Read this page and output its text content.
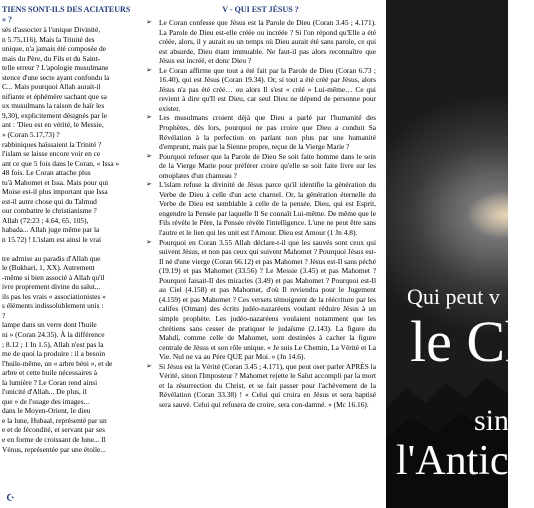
TIENS SONT-ILS DES ACIATEURS » ?
sés d'associer à l'unique Divinité,
n 5.75,116). Mais la Trinité des
unique, n'a jamais été composée de
mais du Père, du Fils et du Saint-
telle erreur ? L'apologie musulmane
stence d'une secte ayant confondu la
C... Mais pourquoi Allah aurait-il
nifiante et éphémère sachant que sa
ux musulmans la raison de haïr les
9,30), explicitement désignés par le
ant : 'Dieu est en vérité, le Messie,
» (Coran 5.17,73) ?
rabbiniques haïssaient la Trinité ?
l'islam se laisse encore voir en ce
ant ce que 5 fois dans le Coran, « Issa »
48 fois. Le Coran attache plus
tu'à Mahomet et Issa. Mais pour qui
Moise est-il plus important que Issa
est-il autre chose qui du Talmud
our combattre le christianisme ?
Allah (72:23 ; 4.64, 65, 105),
habada... Allah juge même par la
n 15.72) ! L'islam est ainsi le vrai
tre admise au paradis d'Allah que
le (Bukhari, 1, XX). Autrement
-même si bien associé à Allah qu'il
ivre proprement divine du salut...
ils pas les vrais « associationistes »
s éléments indissolublement unis :
?
lampe dans un verre dont l'huile
ni » (Coran 24.35). À la différence
; 8.12 ; 1 In 1.5), Allah n'est pas la
me de quoi la produire : il a besoin
l'huile-même, un « arbre béni », et de
arbre et cette huile nécessaires à
la lumière ? Le Coran rend ainsi
l'unicité d'Allah... De plus, il
que » de l'usage des images...
dans le Moyen-Orient, le dieu
e la lune, Hubaal, représenté par un
e et de fécondité, et servant par ses
e en forme de croissant de lune... Il
Vénus, représentée par une étoile...
☪
V - QUI EST JÉSUS ?
➢ Le Coran confesse que Jésus est la Parole de Dieu (Coran 3.45 ; 4.171). La Parole de Dieu est-elle créée ou incréée ? Si l'on répond qu'Elle a été créée, alors, il y aurait eu un temps où Dieu aurait été sans parole, ce qui est absurde, Dieu étant immuable. Ne faut-il pas alors reconnaître que Jésus est incréé, et donc Dieu ?
➢ Le Coran affirme que tout a été fait par la Parole de Dieu (Coran 6.73 ; 16.40), qui est Jésus (Coran 19.34). Or, si tout a été créé par Jésus, alors Jésus n'a pas été créé… ou alors Il s'est « créé » Lui-même… Ce qui revient à dire qu'Il est Dieu, car seul Dieu ne dépend de personne pour exister.
➢ Les musulmans croient déjà que Dieu a parlé par l'humanité des Prophètes, dès lors, pourquoi ne pas croire que Dieu a conduit Sa Révélation à la perfection en parlant non plus par une humanité d'emprunt, mais par la Sienne propre, reçue de la Vierge Marie ?
➢ Pourquoi refuser que la Parole de Dieu Se soit faite homme dans le sein de la Vierge Marie pour préférer croire qu'elle se soit faite livre sur les omoplates d'un chameau ?
➢ L'islam refuse la divinité de Jésus parce qu'il identifie la génération du Verbe de Dieu à celle d'un acte charnel. Or, la génération éternelle du Verbe de Dieu est semblable à celle de la pensée. Dieu, qui est Esprit, engendre la Pensée par laquelle Il Se connaît Lui-même. De même que le Fils révèle le Père, la Pensée révèle l'intelligence. L'une ne peut être sans l'autre et le lien qui les unit est l'Amour. Dieu est Amour (1 Jn 4.8).
➢ Pourquoi en Coran 3.55 Allah déclare-t-il que les sauvés sont ceux qui suivent Jésus, et non pas ceux qui suivent Mahomet ? Pourquoi Jésus est-Il né d'une vierge (Coran 66.12) et pas Mahomet ? Jésus est-Il sans péché (19.19) et pas Mahomet (33.56) ? Le Messie (3.45) et pas Mahomet ? Pourquoi faisait-Il des miracles (3.49) et pas Mahomet ? Pourquoi est-Il au Ciel (4.158) et pas Mahomet, d'où Il reviendra pour le Jugement (4.159) et pas Mahomet ? Ces versets témoignent de la réécriture par les califes (Otman) des écrits judéo-nazaréens voulant réduire Jésus à un simple prophète. Les judéo-nazaréens voulaient notamment que les chrétiens sans cesser de pratiquer le judaïsme (2.143). La figure du Mahdi, comme celle de Mahomet, sont destinées à cacher la figure centrale de Jésus et son rôle unique. « Je suis Le Chemin, La Vérité et La Vie. Nul ne va au Père QUE par Moi. » (Jn 14.6).
➢ Si Jésus est la Vérité (Coran 3.45 ; 4.171), que peut oser parler APRÈS la Vérité, sinon l'Imposteur ? Mahomet rejette le Salut accompli par la mort et la résurrection du Christ, et se fait passer pour l'achèvement de la Révélation (Coran 33.38) ! « Celui qui croira en Jésus et sera baptisé sera sauvé. Celui qui refusera de croire, sera con-damné. » (Mc 16.16).
Qui peut v
le Ch
sinc
l'Antic
